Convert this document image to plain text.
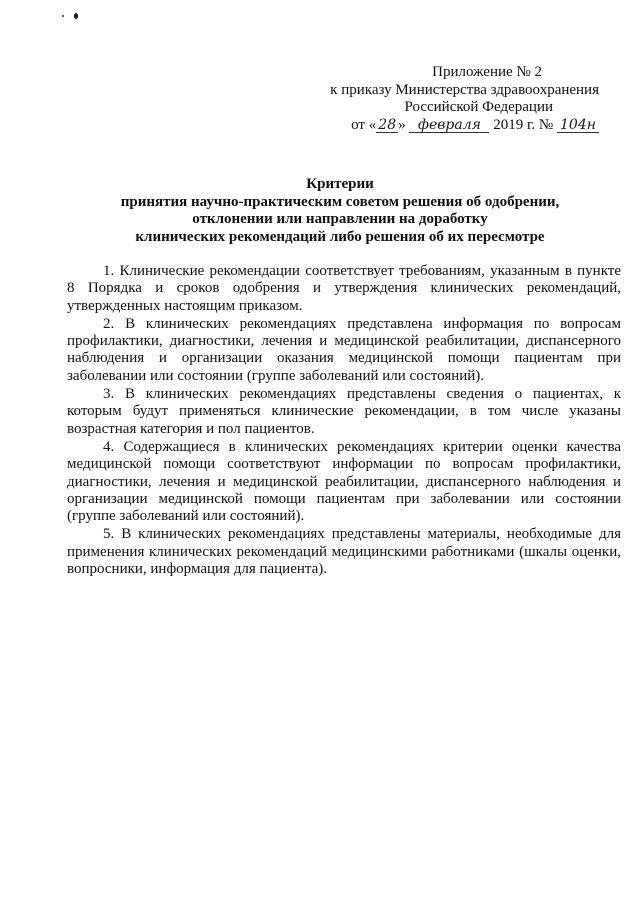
Приложение № 2
к приказу Министерства здравоохранения
Российской Федерации
от « 28 » февраля 2019 г. № 104н
Критерии
принятия научно-практическим советом решения об одобрении,
отклонении или направлении на доработку
клинических рекомендаций либо решения об их пересмотре

1. Клинические рекомендации соответствует требованиям, указанным в пункте 8 Порядка и сроков одобрения и утверждения клинических рекомендаций, утвержденных настоящим приказом.

2. В клинических рекомендациях представлена информация по вопросам профилактики, диагностики, лечения и медицинской реабилитации, диспансерного наблюдения и организации оказания медицинской помощи пациентам при заболевании или состоянии (группе заболеваний или состояний).

3. В клинических рекомендациях представлены сведения о пациентах, к которым будут применяться клинические рекомендации, в том числе указаны возрастная категория и пол пациентов.

4. Содержащиеся в клинических рекомендациях критерии оценки качества медицинской помощи соответствуют информации по вопросам профилактики, диагностики, лечения и медицинской реабилитации, диспансерного наблюдения и организации медицинской помощи пациентам при заболевании или состоянии (группе заболеваний или состояний).

5. В клинических рекомендациях представлены материалы, необходимые для применения клинических рекомендаций медицинскими работниками (шкалы оценки, вопросники, информация для пациента).
